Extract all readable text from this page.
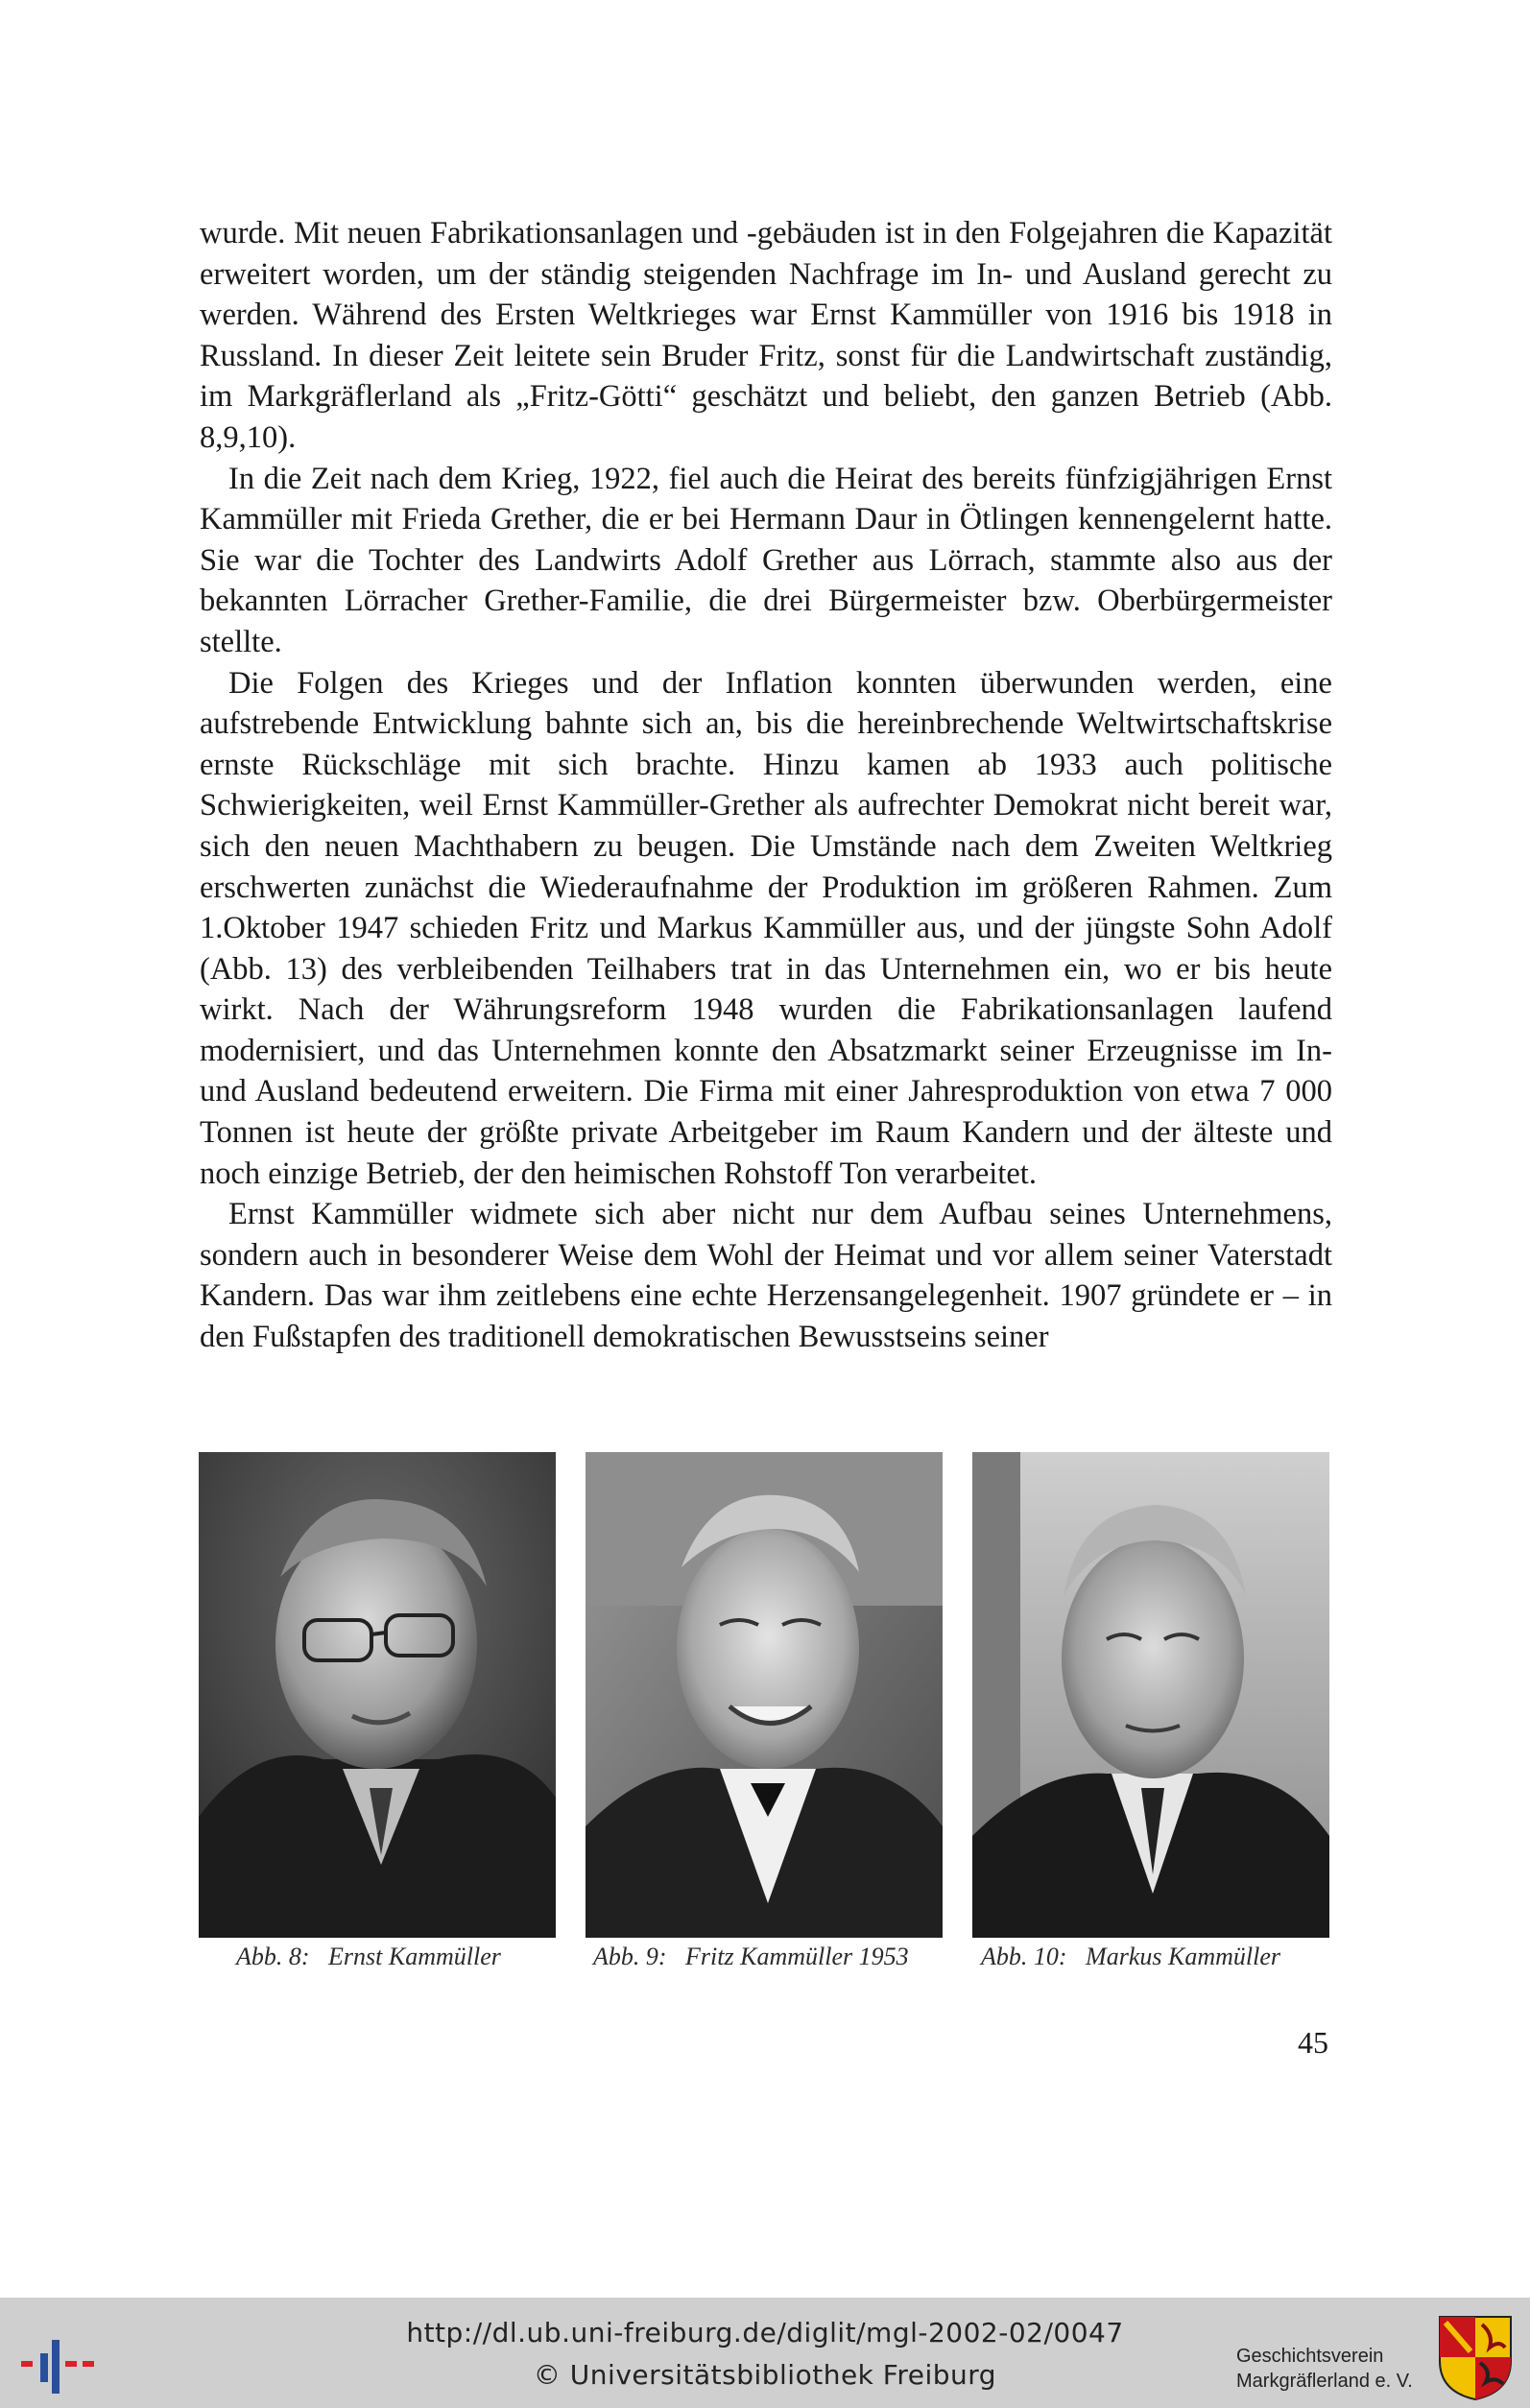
wurde. Mit neuen Fabrikationsanlagen und -gebäuden ist in den Folgejahren die Kapazität erweitert worden, um der ständig steigenden Nachfrage im In- und Ausland gerecht zu werden. Während des Ersten Weltkrieges war Ernst Kammüller von 1916 bis 1918 in Russland. In dieser Zeit leitete sein Bruder Fritz, sonst für die Landwirtschaft zuständig, im Markgräflerland als „Fritz-Götti“ geschätzt und beliebt, den ganzen Betrieb (Abb. 8,9,10).

In die Zeit nach dem Krieg, 1922, fiel auch die Heirat des bereits fünfzigjährigen Ernst Kammüller mit Frieda Grether, die er bei Hermann Daur in Ötlingen kennengelernt hatte. Sie war die Tochter des Landwirts Adolf Grether aus Lörrach, stammte also aus der bekannten Lörracher Grether-Familie, die drei Bürgermeister bzw. Oberbürgermeister stellte.

Die Folgen des Krieges und der Inflation konnten überwunden werden, eine aufstrebende Entwicklung bahnte sich an, bis die hereinbrechende Weltwirtschaftskrise ernste Rückschläge mit sich brachte. Hinzu kamen ab 1933 auch politische Schwierigkeiten, weil Ernst Kammüller-Grether als aufrechter Demokrat nicht bereit war, sich den neuen Machthabern zu beugen. Die Umstände nach dem Zweiten Weltkrieg erschwerten zunächst die Wiederaufnahme der Produktion im größeren Rahmen. Zum 1.Oktober 1947 schieden Fritz und Markus Kammüller aus, und der jüngste Sohn Adolf (Abb. 13) des verbleibenden Teilhabers trat in das Unternehmen ein, wo er bis heute wirkt. Nach der Währungsreform 1948 wurden die Fabrikationsanlagen laufend modernisiert, und das Unternehmen konnte den Absatzmarkt seiner Erzeugnisse im In- und Ausland bedeutend erweitern. Die Firma mit einer Jahresproduktion von etwa 7 000 Tonnen ist heute der größte private Arbeitgeber im Raum Kandern und der älteste und noch einzige Betrieb, der den heimischen Rohstoff Ton verarbeitet.

Ernst Kammüller widmete sich aber nicht nur dem Aufbau seines Unternehmens, sondern auch in besonderer Weise dem Wohl der Heimat und vor allem seiner Vaterstadt Kandern. Das war ihm zeitlebens eine echte Herzensangelegenheit. 1907 gründete er – in den Fußstapfen des traditionell demokratischen Bewusstseins seiner

Abb. 8: Ernst Kammüller	Abb. 9: Fritz Kammüller 1953	Abb. 10: Markus Kammüller
45
http://dl.ub.uni-freiburg.de/diglit/mgl-2002-02/0047
© Universitätsbibliothek Freiburg
Geschichtsverein
Markgräflerland e. V.
